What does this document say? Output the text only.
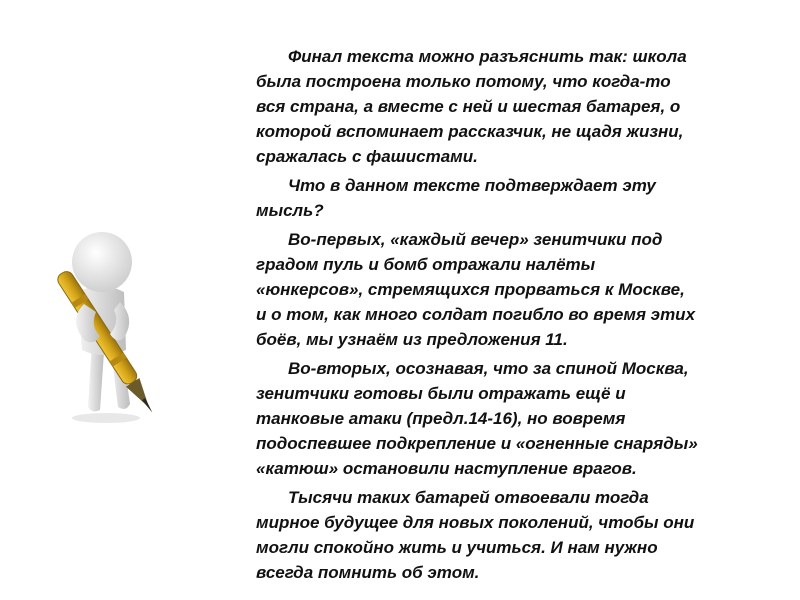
Финал текста можно разъяснить так: школа
была построена только потому, что когда-то
вся страна, а вместе с ней и шестая батарея, о
которой вспоминает рассказчик, не щадя жизни,
сражалась с фашистами.

Что в данном тексте подтверждает эту
мысль?

Во-первых, «каждый вечер» зенитчики под
градом пуль и бомб отражали налёты
«юнкерсов», стремящихся прорваться к Москве,
и о том, как много солдат погибло во время этих
боёв, мы узнаём из предложения 11.

Во-вторых, осознавая, что за спиной Москва,
зенитчики готовы были отражать ещё и
танковые атаки (предл.14-16), но вовремя
подоспевшее подкрепление и «огненные снаряды»
«катюш» остановили наступление врагов.

Тысячи таких батарей отвоевали тогда
мирное будущее для новых поколений, чтобы они
могли спокойно жить и учиться. И нам нужно
всегда помнить об этом.
